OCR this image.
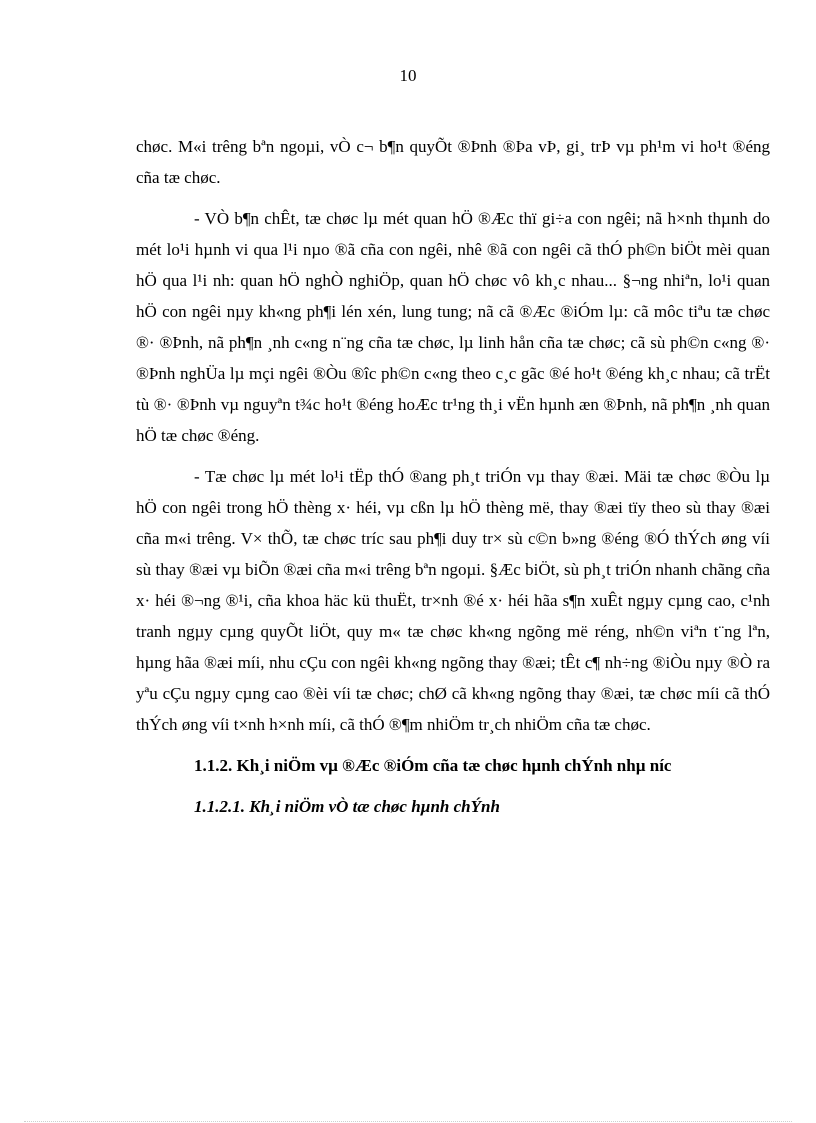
10

chøc. M«i trêng bªn ngoµi, vÒ c¬ b¶n quyÕt ®Þnh ®Þa vÞ, gi¸ trÞ vµ ph¹m vi ho¹t ®éng cña tæ chøc.

- VÒ b¶n chÊt, tæ chøc lµ mét quan hÖ ®Æc thï gi÷a con ngêi; nã h×nh thµnh do mét lo¹i hµnh vi qua l¹i nµo ®ã cña con ngêi, nhê ®ã con ngêi cã thÓ ph©n biÖt mèi quan hÖ qua l¹i nh: quan hÖ nghÒ nghiÖp, quan hÖ chøc vô kh¸c nhau... §¬ng nhiªn, lo¹i quan hÖ con ngêi nµy kh«ng ph¶i lén xén, lung tung; nã cã ®Æc ®iÓm lµ: cã môc tiªu tæ chøc ®· ®Þnh, nã ph¶n ¸nh c«ng n¨ng cña tæ chøc, lµ linh hån cña tæ chøc; cã sù ph©n c«ng ®· ®Þnh nghÜa lµ mçi ngêi ®Òu ®îc ph©n c«ng theo c¸c gãc ®é ho¹t ®éng kh¸c nhau; cã trËt tù ®· ®Þnh vµ nguyªn t¾c ho¹t ®éng hoÆc tr¹ng th¸i vËn hµnh æn ®Þnh, nã ph¶n ¸nh quan hÖ tæ chøc ®éng.

- Tæ chøc lµ mét lo¹i tËp thÓ ®ang ph¸t triÓn vµ thay ®æi. Mäi tæ chøc ®Òu lµ hÖ con ngêi trong hÖ thèng x· héi, vµ cßn lµ hÖ thèng më, thay ®æi tïy theo sù thay ®æi cña m«i trêng. V× thÕ, tæ chøc tríc sau ph¶i duy tr× sù c©n b»ng ®éng ®Ó thÝch øng víi sù thay ®æi vµ biÕn ®æi cña m«i trêng bªn ngoµi. §Æc biÖt, sù ph¸t triÓn nhanh chãng cña x· héi ®¬ng ®¹i, cña khoa häc kü thuËt, tr×nh ®é x· héi hãa s¶n xuÊt ngµy cµng cao, c¹nh tranh ngµy cµng quyÕt liÖt, quy m« tæ chøc kh«ng ngõng më réng, nh©n viªn t¨ng lªn, hµng hãa ®æi míi, nhu cÇu con ngêi kh«ng ngõng thay ®æi; tÊt c¶ nh÷ng ®iÒu nµy ®Ò ra yªu cÇu ngµy cµng cao ®èi víi tæ chøc; chØ cã kh«ng ngõng thay ®æi, tæ chøc míi cã thÓ thÝch øng víi t×nh h×nh míi, cã thÓ ®¶m nhiÖm tr¸ch nhiÖm cña tæ chøc.

1.1.2. Kh¸i niÖm vµ ®Æc ®iÓm cña tæ chøc hµnh chÝnh nhµ níc

1.1.2.1. Kh¸i niÖm vÒ tæ chøc hµnh chÝnh
